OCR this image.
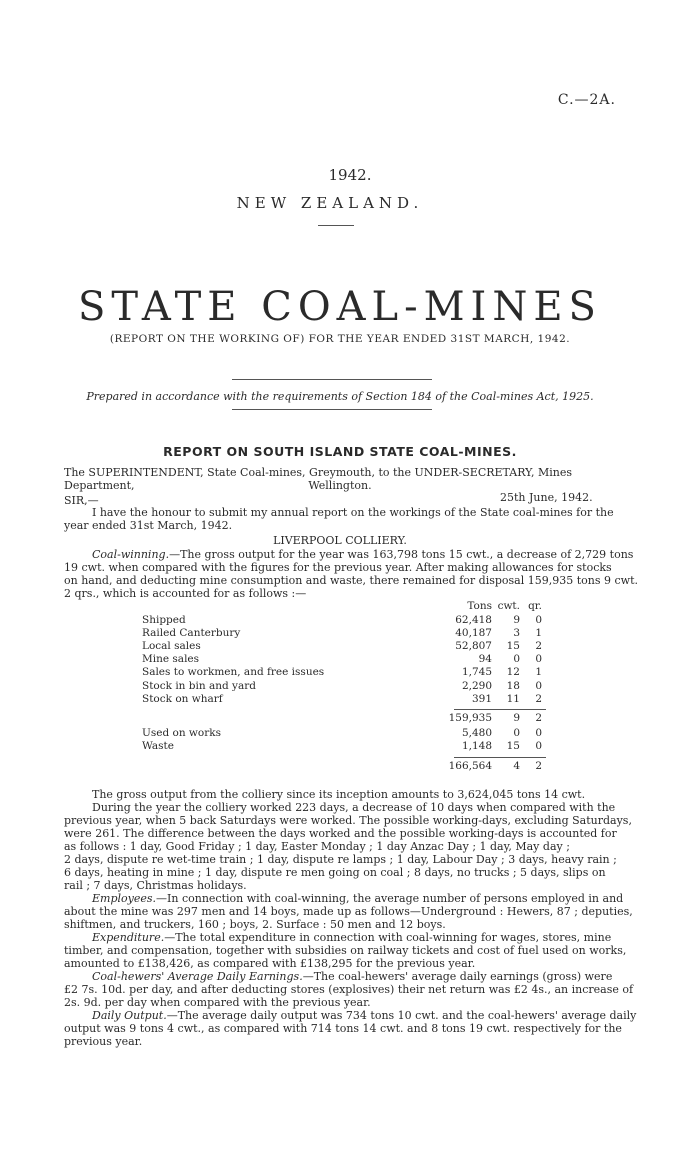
C.—2A.
1942.
NEW ZEALAND.
STATE COAL-MINES
(REPORT ON THE WORKING OF) FOR THE YEAR ENDED 31ST MARCH, 1942.
Prepared in accordance with the requirements of Section 184 of the Coal-mines Act, 1925.
REPORT ON SOUTH ISLAND STATE COAL-MINES.
The SUPERINTENDENT, State Coal-mines, Greymouth, to the UNDER-SECRETARY, Mines Department,	Wellington.
SIR,—	25th June, 1942.
I have the honour to submit my annual report on the workings of the State coal-mines for the
year ended 31st March, 1942.
LIVERPOOL COLLIERY.
Coal-winning.—The gross output for the year was 163,798 tons 15 cwt., a decrease of 2,729 tons
19 cwt. when compared with the figures for the previous year. After making allowances for stocks
on hand, and deducting mine consumption and waste, there remained for disposal 159,935 tons 9 cwt.
2 qrs., which is accounted for as follows :—
Tons cwt. qr.
Shipped	62,418	9	0
Railed Canterbury	40,187	3	1
Local sales	52,807	15	2
Mine sales	94	0	0
Sales to workmen, and free issues	1,745	12	1
Stock in bin and yard	2,290	18	0
Stock on wharf	391	11	2
159,935	9	2
Used on works	5,480	0	0
Waste	1,148	15	0
166,564	4	2
The gross output from the colliery since its inception amounts to 3,624,045 tons 14 cwt.
During the year the colliery worked 223 days, a decrease of 10 days when compared with the
previous year, when 5 back Saturdays were worked. The possible working-days, excluding Saturdays,
were 261. The difference between the days worked and the possible working-days is accounted for
as follows : 1 day, Good Friday ; 1 day, Easter Monday ; 1 day Anzac Day ; 1 day, May day ;
2 days, dispute re wet-time train ; 1 day, dispute re lamps ; 1 day, Labour Day ; 3 days, heavy rain ;
6 days, heating in mine ; 1 day, dispute re men going on coal ; 8 days, no trucks ; 5 days, slips on
rail ; 7 days, Christmas holidays.
Employees.—In connection with coal-winning, the average number of persons employed in and
about the mine was 297 men and 14 boys, made up as follows—Underground : Hewers, 87 ; deputies,
shiftmen, and truckers, 160 ; boys, 2. Surface : 50 men and 12 boys.
Expenditure.—The total expenditure in connection with coal-winning for wages, stores, mine
timber, and compensation, together with subsidies on railway tickets and cost of fuel used on works,
amounted to £138,426, as compared with £138,295 for the previous year.
Coal-hewers' Average Daily Earnings.—The coal-hewers' average daily earnings (gross) were
£2 7s. 10d. per day, and after deducting stores (explosives) their net return was £2 4s., an increase of
2s. 9d. per day when compared with the previous year.
Daily Output.—The average daily output was 734 tons 10 cwt. and the coal-hewers' average daily
output was 9 tons 4 cwt., as compared with 714 tons 14 cwt. and 8 tons 19 cwt. respectively for the
previous year.
